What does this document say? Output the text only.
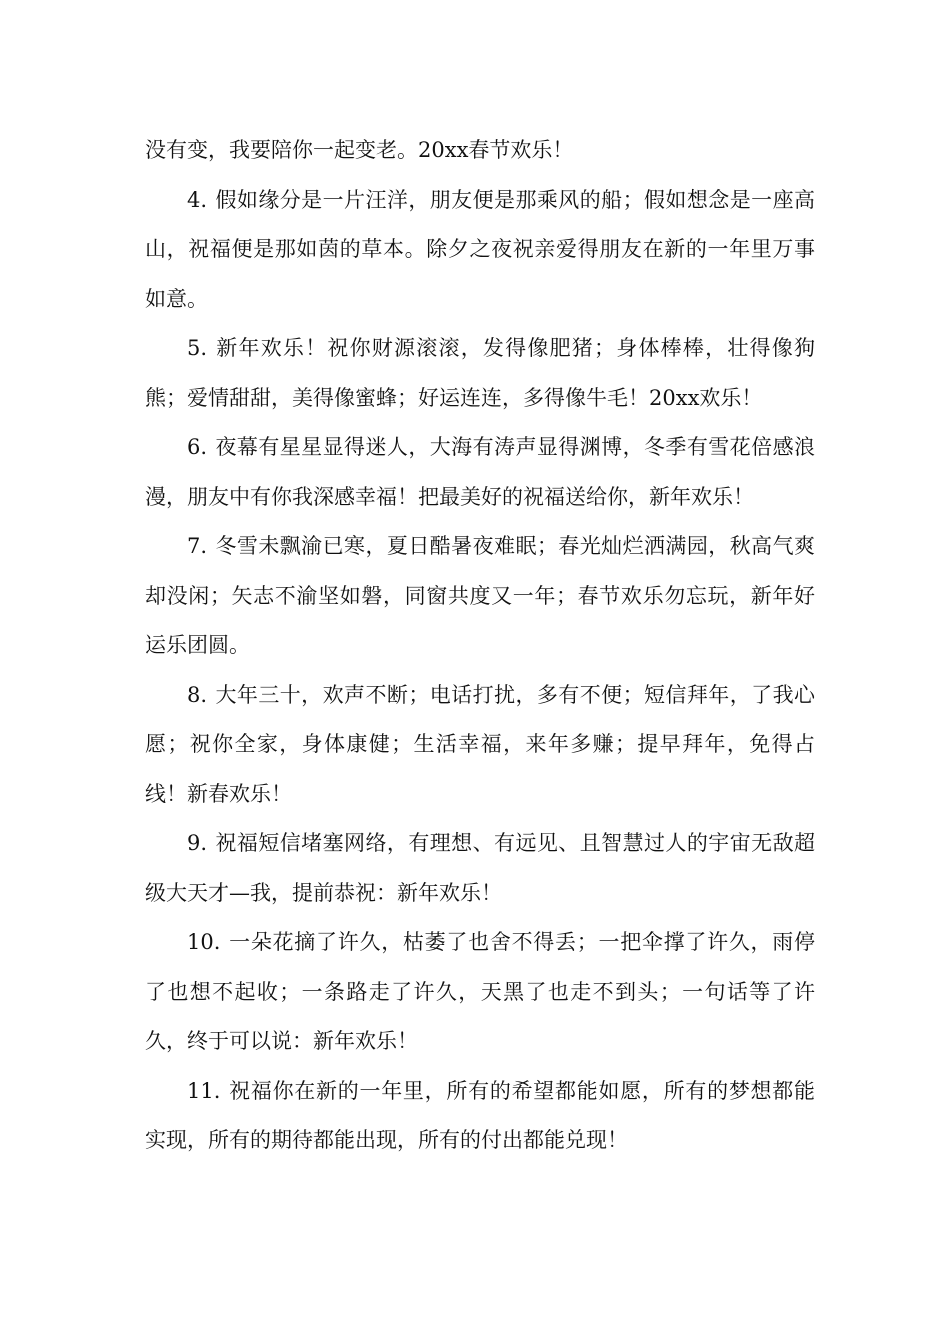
没有变，我要陪你一起变老。20xx春节欢乐！

4. 假如缘分是一片汪洋，朋友便是那乘风的船；假如想念是一座高山，祝福便是那如茵的草本。除夕之夜祝亲爱得朋友在新的一年里万事如意。

5. 新年欢乐！祝你财源滚滚，发得像肥猪；身体棒棒，壮得像狗熊；爱情甜甜，美得像蜜蜂；好运连连，多得像牛毛！20xx欢乐！

6. 夜幕有星星显得迷人，大海有涛声显得渊博，冬季有雪花倍感浪漫，朋友中有你我深感幸福！把最美好的祝福送给你，新年欢乐！

7. 冬雪未飘渝已寒，夏日酷暑夜难眠；春光灿烂洒满园，秋高气爽却没闲；矢志不渝坚如磐，同窗共度又一年；春节欢乐勿忘玩，新年好运乐团圆。

8. 大年三十，欢声不断；电话打扰，多有不便；短信拜年，了我心愿；祝你全家，身体康健；生活幸福，来年多赚；提早拜年，免得占线！新春欢乐！

9. 祝福短信堵塞网络，有理想、有远见、且智慧过人的宇宙无敌超级大天才—我，提前恭祝：新年欢乐！

10. 一朵花摘了许久，枯萎了也舍不得丢；一把伞撑了许久，雨停了也想不起收；一条路走了许久，天黑了也走不到头；一句话等了许久，终于可以说：新年欢乐！

11. 祝福你在新的一年里，所有的希望都能如愿，所有的梦想都能实现，所有的期待都能出现，所有的付出都能兑现！
